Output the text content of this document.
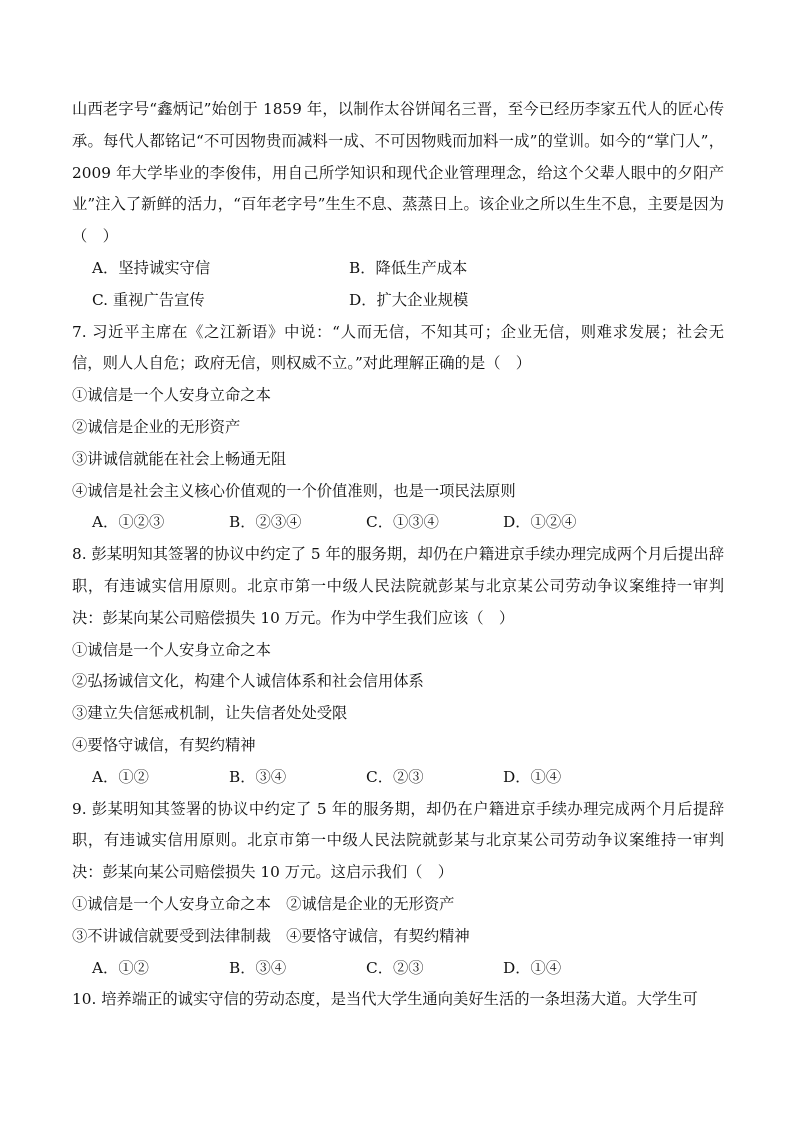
山西老字号“鑫炳记”始创于 1859 年，以制作太谷饼闻名三晋，至今已经历李家五代人的匠心传承。每代人都铭记“不可因物贵而减料一成、不可因物贱而加料一成”的堂训。如今的“掌门人”，2009 年大学毕业的李俊伟，用自己所学知识和现代企业管理理念，给这个父辈人眼中的夕阳产业”注入了新鲜的活力，“百年老字号”生生不息、蒸蒸日上。该企业之所以生生不息，主要是因为（　）

A．坚持诚实守信	B．降低生产成本
C. 重视广告宣传	D．扩大企业规模

7. 习近平主席在《之江新语》中说：“人而无信，不知其可；企业无信，则难求发展；社会无信，则人人自危；政府无信，则权威不立。”对此理解正确的是（　）

①诚信是一个人安身立命之本

②诚信是企业的无形资产

③讲诚信就能在社会上畅通无阻

④诚信是社会主义核心价值观的一个价值准则，也是一项民法原则

A．①②③	B．②③④	C．①③④	D．①②④

8. 彭某明知其签署的协议中约定了 5 年的服务期，却仍在户籍进京手续办理完成两个月后提出辞职，有违诚实信用原则。北京市第一中级人民法院就彭某与北京某公司劳动争议案维持一审判决：彭某向某公司赔偿损失 10 万元。作为中学生我们应该（　）

①诚信是一个人安身立命之本

②弘扬诚信文化，构建个人诚信体系和社会信用体系

③建立失信惩戒机制，让失信者处处受限

④要恪守诚信，有契约精神

A．①②	B．③④	C．②③	D．①④

9. 彭某明知其签署的协议中约定了 5 年的服务期，却仍在户籍进京手续办理完成两个月后提辞职，有违诚实信用原则。北京市第一中级人民法院就彭某与北京某公司劳动争议案维持一审判决：彭某向某公司赔偿损失 10 万元。这启示我们（　）

①诚信是一个人安身立命之本　②诚信是企业的无形资产

③不讲诚信就要受到法律制裁　④要恪守诚信，有契约精神

A．①②	B．③④	C．②③	D．①④

10. 培养端正的诚实守信的劳动态度，是当代大学生通向美好生活的一条坦荡大道。大学生可
